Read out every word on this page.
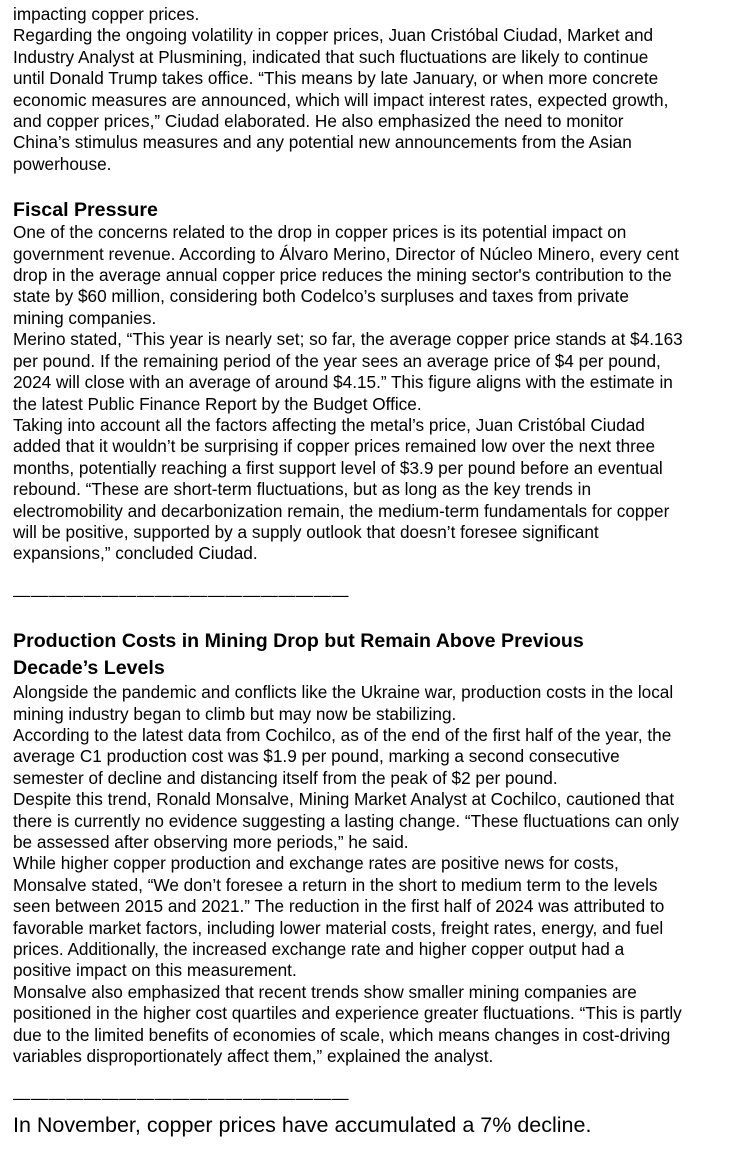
impacting copper prices.

Regarding the ongoing volatility in copper prices, Juan Cristóbal Ciudad, Market and

Industry Analyst at Plusmining, indicated that such fluctuations are likely to continue

until Donald Trump takes office. “This means by late January, or when more concrete

economic measures are announced, which will impact interest rates, expected growth,

and copper prices,” Ciudad elaborated. He also emphasized the need to monitor

China’s stimulus measures and any potential new announcements from the Asian

powerhouse.

Fiscal Pressure

One of the concerns related to the drop in copper prices is its potential impact on

government revenue. According to Álvaro Merino, Director of Núcleo Minero, every cent

drop in the average annual copper price reduces the mining sector's contribution to the

state by $60 million, considering both Codelco’s surpluses and taxes from private

mining companies.

Merino stated, “This year is nearly set; so far, the average copper price stands at $4.163

per pound. If the remaining period of the year sees an average price of $4 per pound,

2024 will close with an average of around $4.15.” This figure aligns with the estimate in

the latest Public Finance Report by the Budget Office.

Taking into account all the factors affecting the metal’s price, Juan Cristóbal Ciudad

added that it wouldn’t be surprising if copper prices remained low over the next three

months, potentially reaching a first support level of $3.9 per pound before an eventual

rebound. “These are short-term fluctuations, but as long as the key trends in

electromobility and decarbonization remain, the medium-term fundamentals for copper

will be positive, supported by a supply outlook that doesn’t foresee significant

expansions,” concluded Ciudad.

———————————————————

Production Costs in Mining Drop but Remain Above Previous
Decade’s Levels

Alongside the pandemic and conflicts like the Ukraine war, production costs in the local

mining industry began to climb but may now be stabilizing.

According to the latest data from Cochilco, as of the end of the first half of the year, the

average C1 production cost was $1.9 per pound, marking a second consecutive

semester of decline and distancing itself from the peak of $2 per pound.

Despite this trend, Ronald Monsalve, Mining Market Analyst at Cochilco, cautioned that

there is currently no evidence suggesting a lasting change. “These fluctuations can only

be assessed after observing more periods,” he said.

While higher copper production and exchange rates are positive news for costs,

Monsalve stated, “We don’t foresee a return in the short to medium term to the levels

seen between 2015 and 2021.” The reduction in the first half of 2024 was attributed to

favorable market factors, including lower material costs, freight rates, energy, and fuel

prices. Additionally, the increased exchange rate and higher copper output had a

positive impact on this measurement.

Monsalve also emphasized that recent trends show smaller mining companies are

positioned in the higher cost quartiles and experience greater fluctuations. “This is partly

due to the limited benefits of economies of scale, which means changes in cost-driving

variables disproportionately affect them,” explained the analyst.

———————————————————

In November, copper prices have accumulated a 7% decline.
